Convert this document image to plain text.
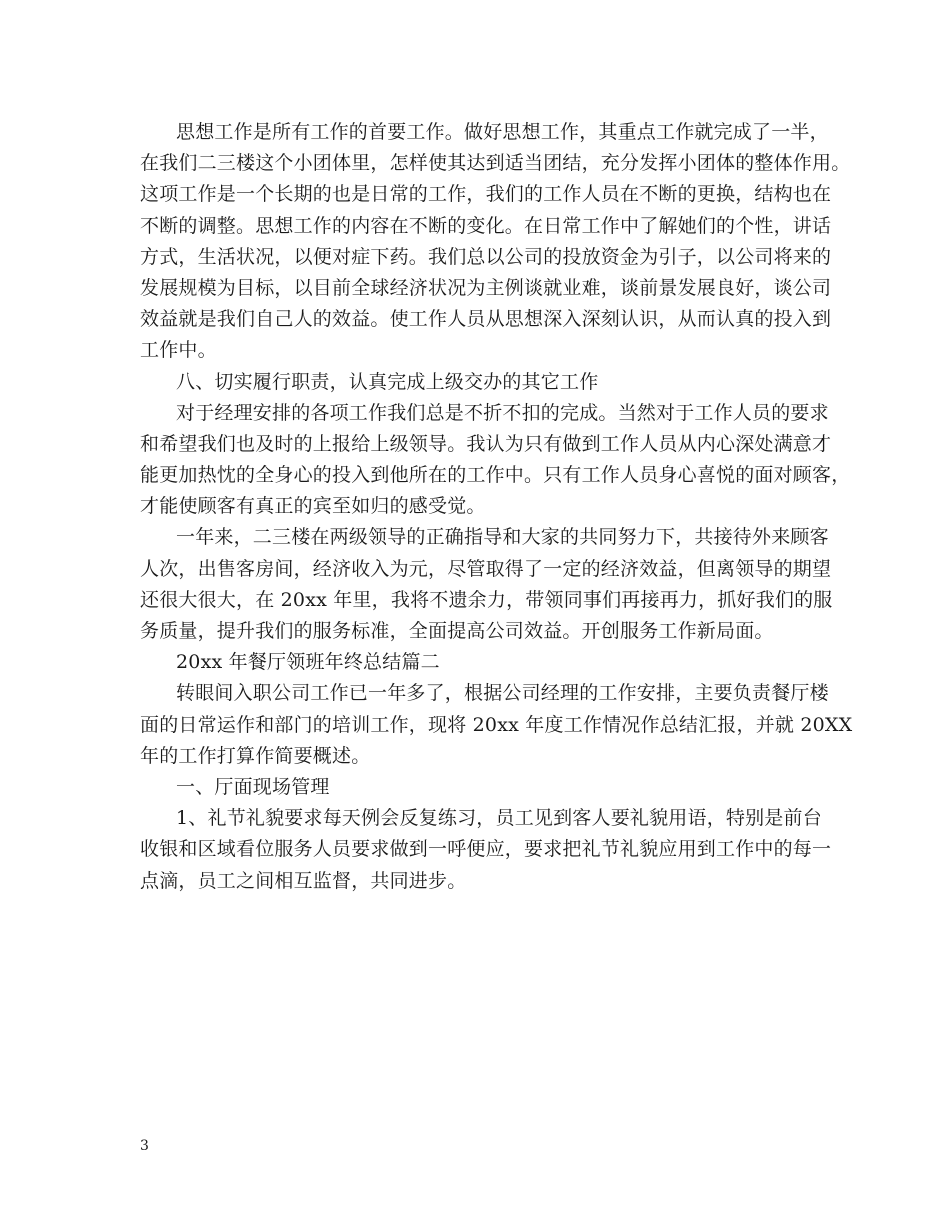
思想工作是所有工作的首要工作。做好思想工作，其重点工作就完成了一半，
在我们二三楼这个小团体里，怎样使其达到适当团结，充分发挥小团体的整体作用。
这项工作是一个长期的也是日常的工作，我们的工作人员在不断的更换，结构也在
不断的调整。思想工作的内容在不断的变化。在日常工作中了解她们的个性，讲话
方式，生活状况，以便对症下药。我们总以公司的投放资金为引子，以公司将来的
发展规模为目标，以目前全球经济状况为主例谈就业难，谈前景发展良好，谈公司
效益就是我们自己人的效益。使工作人员从思想深入深刻认识，从而认真的投入到
工作中。
八、切实履行职责，认真完成上级交办的其它工作
对于经理安排的各项工作我们总是不折不扣的完成。当然对于工作人员的要求
和希望我们也及时的上报给上级领导。我认为只有做到工作人员从内心深处满意才
能更加热忱的全身心的投入到他所在的工作中。只有工作人员身心喜悦的面对顾客，
才能使顾客有真正的宾至如归的感受觉。
一年来，二三楼在两级领导的正确指导和大家的共同努力下，共接待外来顾客
人次，出售客房间，经济收入为元，尽管取得了一定的经济效益，但离领导的期望
还很大很大，在 20xx 年里，我将不遗余力，带领同事们再接再力，抓好我们的服
务质量，提升我们的服务标准，全面提高公司效益。开创服务工作新局面。
20xx 年餐厅领班年终总结篇二
转眼间入职公司工作已一年多了，根据公司经理的工作安排，主要负责餐厅楼
面的日常运作和部门的培训工作，现将 20xx 年度工作情况作总结汇报，并就 20XX
年的工作打算作简要概述。
一、厅面现场管理
1、礼节礼貌要求每天例会反复练习，员工见到客人要礼貌用语，特别是前台
收银和区域看位服务人员要求做到一呼便应，要求把礼节礼貌应用到工作中的每一
点滴，员工之间相互监督，共同进步。
3
